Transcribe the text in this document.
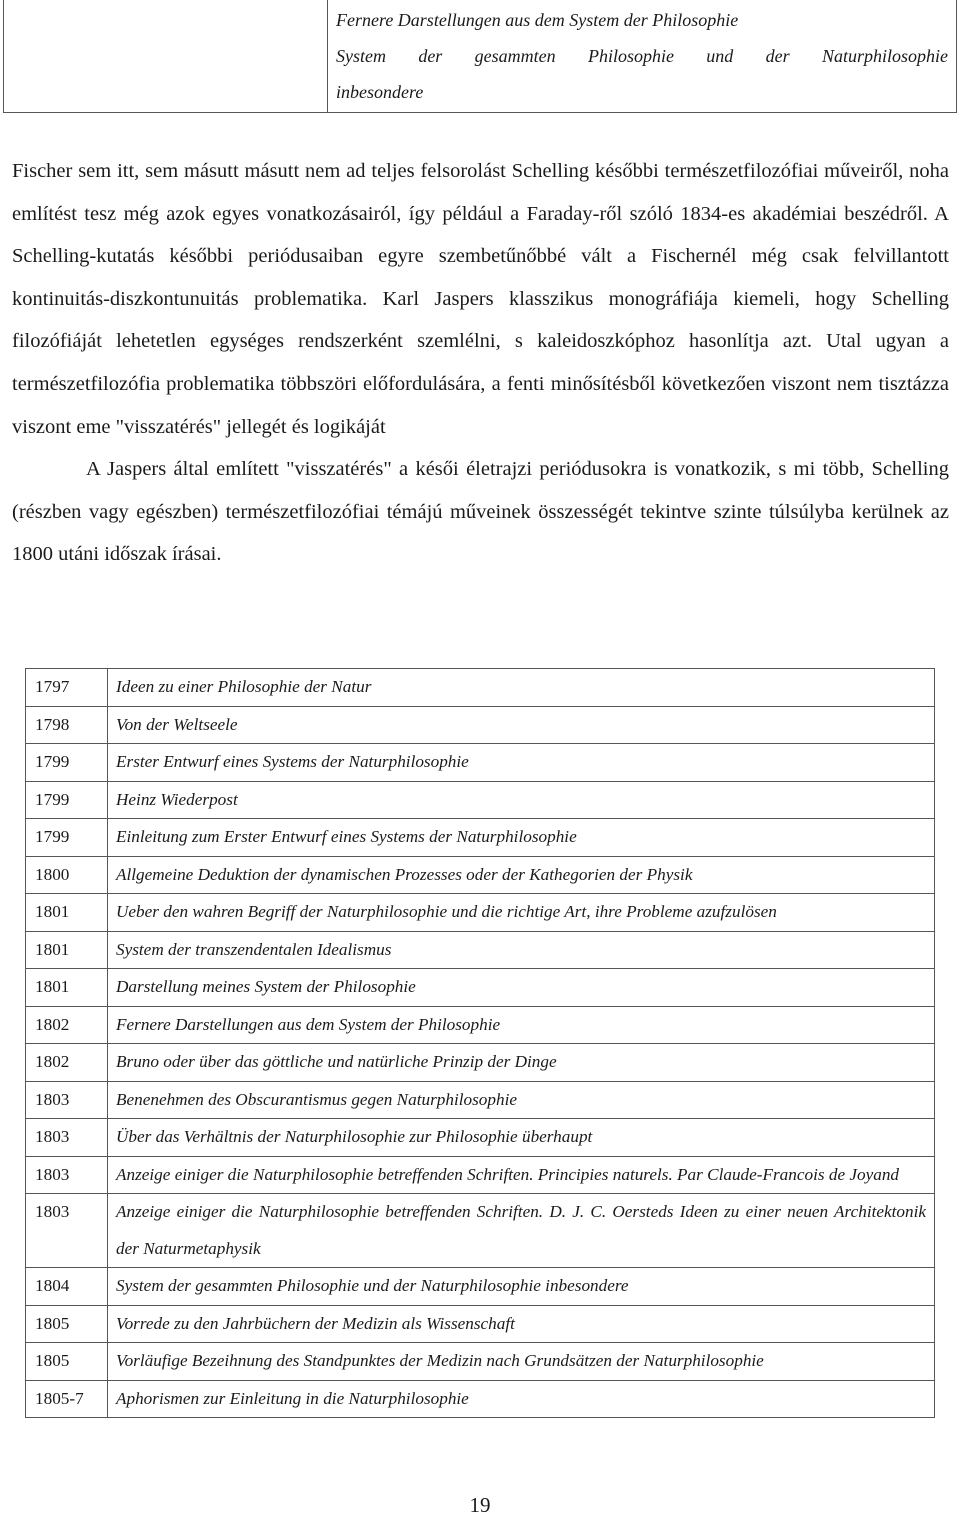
Fernere Darstellungen aus dem System der Philosophie
System der gesammten Philosophie und der Naturphilosophie
inbesondere

Fischer sem itt, sem másutt másutt nem ad teljes felsorolást Schelling későbbi természetfilozófiai műveiről, noha említést tesz még azok egyes vonatkozásairól, így például a Faraday-ről szóló 1834-es akadémiai beszédről. A Schelling-kutatás későbbi periódusaiban egyre szembetűnőbbé vált a Fischernél még csak felvillantott kontinuitás-diszkontunuitás problematika. Karl Jaspers klasszikus monográfiája kiemeli, hogy Schelling filozófiáját lehetetlen egységes rendszerként szemlélni, s kaleidoszkóphoz hasonlítja azt. Utal ugyan a természetfilozófia problematika többszöri előfordulására, a fenti minősítésből következően viszont nem tisztázza viszont eme "visszatérés" jellegét és logikáját

A Jaspers által említett "visszatérés" a késői életrajzi periódusokra is vonatkozik, s mi több, Schelling (részben vagy egészben) természetfilozófiai témájú műveinek összességét tekintve szinte túlsúlyba kerülnek az 1800 utáni időszak írásai.

1797	Ideen zu einer Philosophie der Natur
1798	Von der Weltseele
1799	Erster Entwurf eines Systems der Naturphilosophie
1799	Heinz Wiederpost
1799	Einleitung zum Erster Entwurf eines Systems der Naturphilosophie
1800	Allgemeine Deduktion der dynamischen Prozesses oder der Kathegorien der Physik
1801	Ueber den wahren Begriff der Naturphilosophie und die richtige Art, ihre Probleme azufzulösen
1801	System der transzendentalen Idealismus
1801	Darstellung meines System der Philosophie
1802	Fernere Darstellungen aus dem System der Philosophie
1802	Bruno oder über das göttliche und natürliche Prinzip der Dinge
1803	Benenehmen des Obscurantismus gegen Naturphilosophie
1803	Über das Verhältnis der Naturphilosophie zur Philosophie überhaupt
1803	Anzeige einiger die Naturphilosophie betreffenden Schriften. Principies naturels. Par Claude-Francois de Joyand
1803	Anzeige einiger die Naturphilosophie betreffenden Schriften. D. J. C. Oersteds Ideen zu einer neuen Architektonik der Naturmetaphysik
1804	System der gesammten Philosophie und der Naturphilosophie inbesondere
1805	Vorrede zu den Jahrbüchern der Medizin als Wissenschaft
1805	Vorläufige Bezeihnung des Standpunktes der Medizin nach Grundsätzen der Naturphilosophie
1805-7	Aphorismen zur Einleitung in die Naturphilosophie
19
